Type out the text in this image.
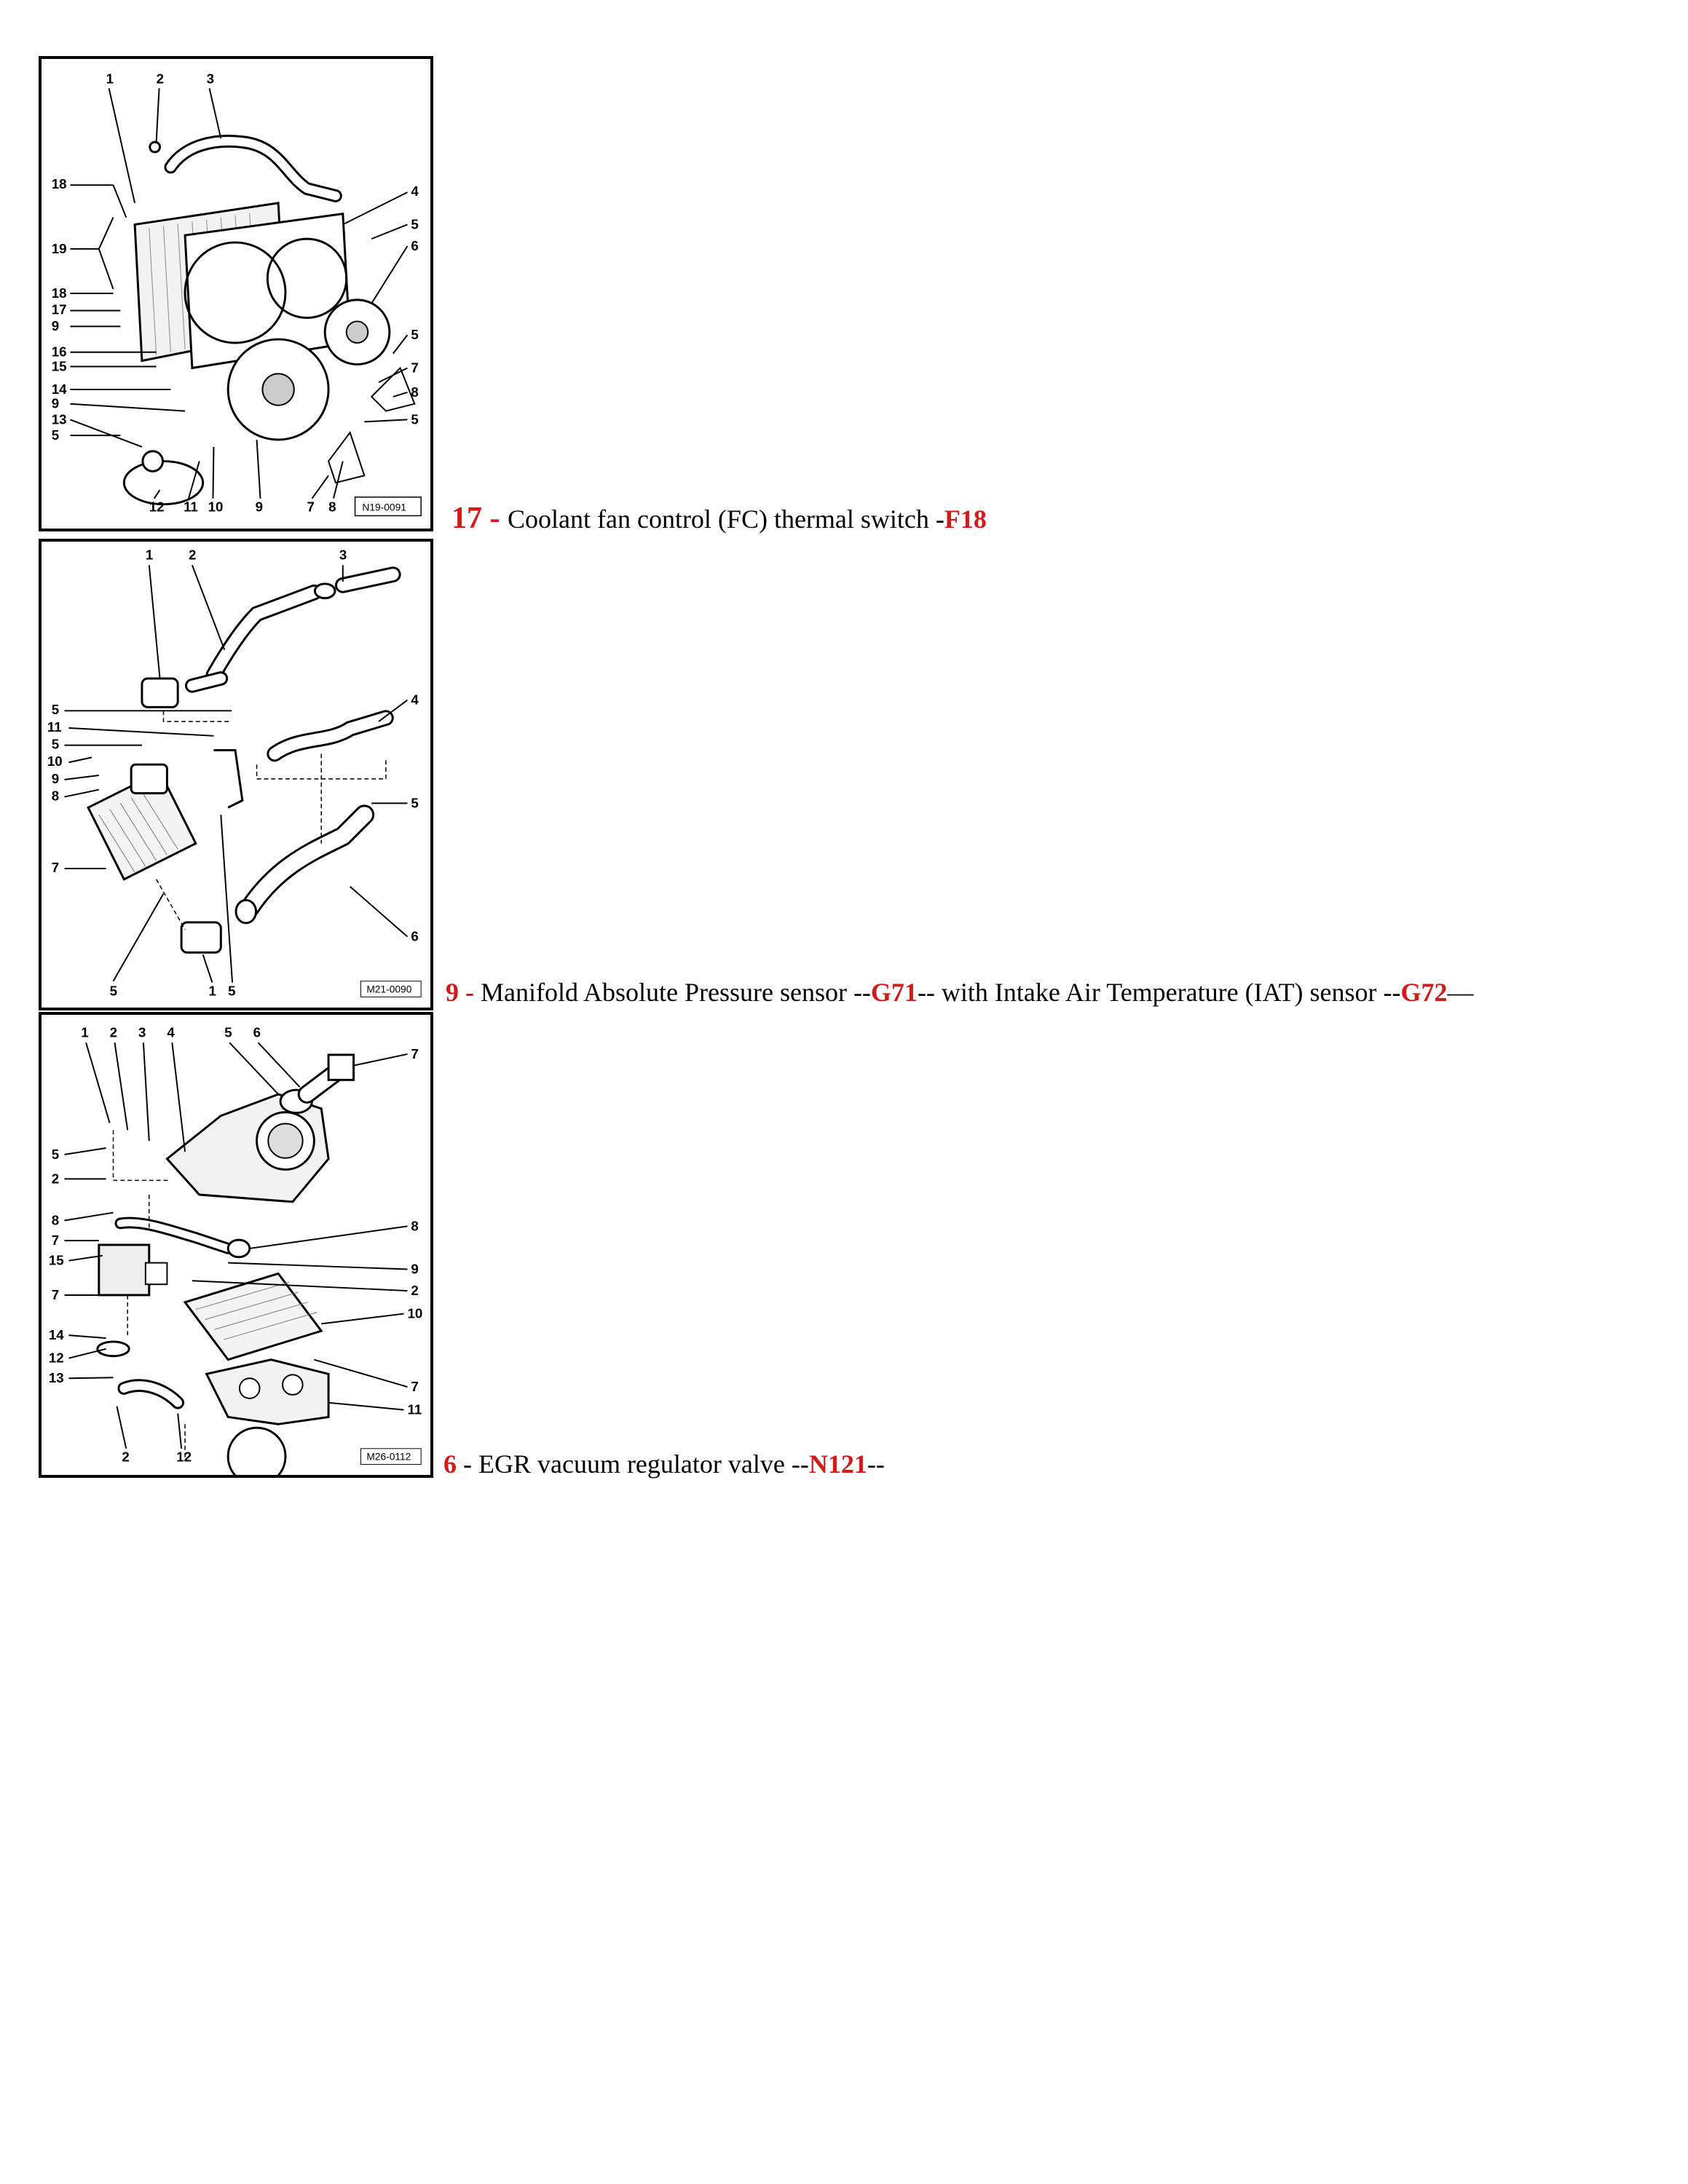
1	2	3
18
19
18
17
9
16
15
14
9
13
5
4
5
6
5
7
8
5
12 11 10 9	7 8	N19-0091 17 - Coolant fan control (FC) thermal switch -F18
1	2	3
5
11
5
10
9
8
7
5
4
5
6
1 5	M21-0090 9 - Manifold Absolute Pressure sensor --G71-- with Intake Air Temperature (IAT) sensor --G72—
1 2 3 4	5 6
5
2
8
7
15
7
14
12
13
7
8
9
2
10
7
11
2	12	M26-0112 6 - EGR vacuum regulator valve --N121--
